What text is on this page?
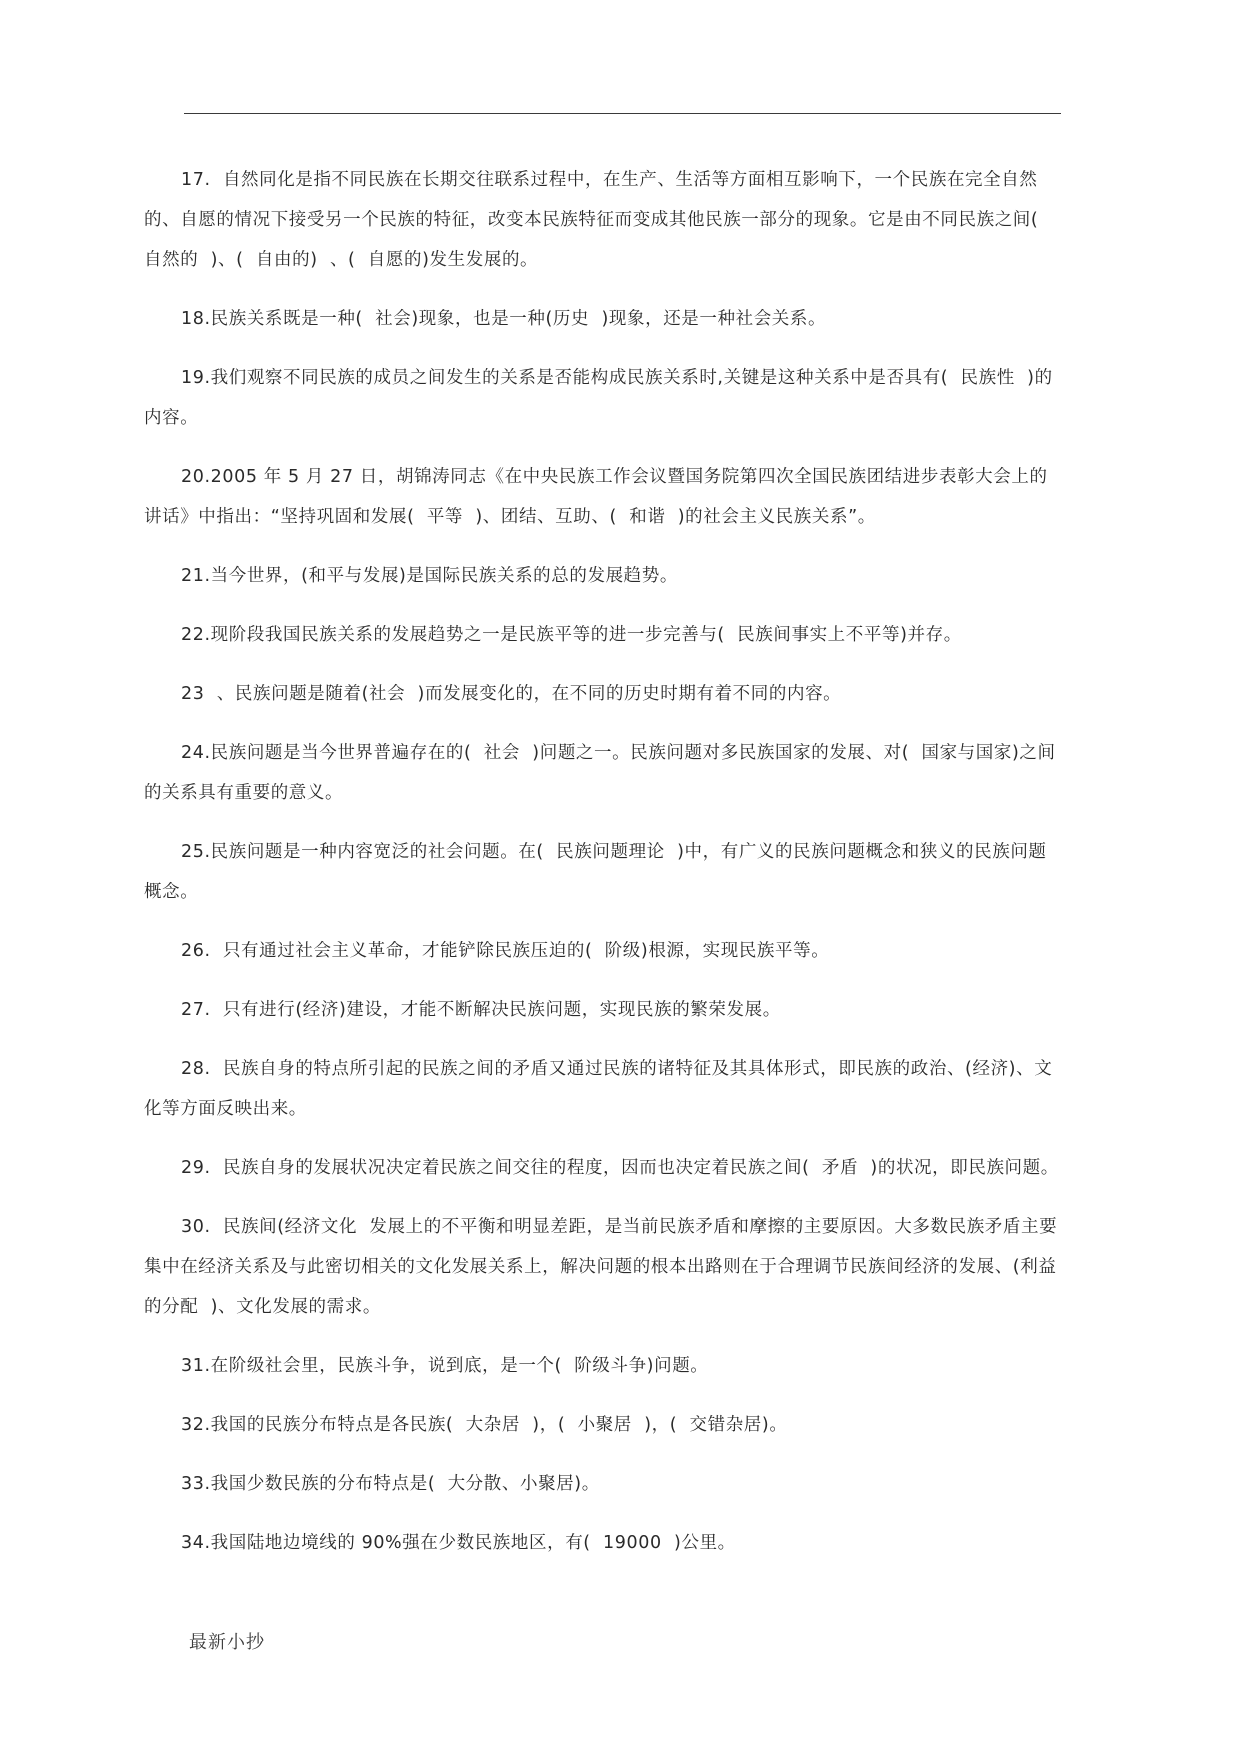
17.  自然同化是指不同民族在长期交往联系过程中，在生产、生活等方面相互影响下，一个民族在完全自然的、自愿的情况下接受另一个民族的特征，改变本民族特征而变成其他民族一部分的现象。它是由不同民族之间(  自然的  )、(  自由的)  、(  自愿的)发生发展的。

18.民族关系既是一种(  社会)现象，也是一种(历史  )现象，还是一种社会关系。

19.我们观察不同民族的成员之间发生的关系是否能构成民族关系时,关键是这种关系中是否具有(  民族性  )的内容。

20.2005 年 5 月 27 日，胡锦涛同志《在中央民族工作会议暨国务院第四次全国民族团结进步表彰大会上的讲话》中指出：“坚持巩固和发展(  平等  )、团结、互助、(  和谐  )的社会主义民族关系”。

21.当今世界，(和平与发展)是国际民族关系的总的发展趋势。

22.现阶段我国民族关系的发展趋势之一是民族平等的进一步完善与(  民族间事实上不平等)并存。

23  、民族问题是随着(社会  )而发展变化的，在不同的历史时期有着不同的内容。

24.民族问题是当今世界普遍存在的(  社会  )问题之一。民族问题对多民族国家的发展、对(  国家与国家)之间的关系具有重要的意义。

25.民族问题是一种内容宽泛的社会问题。在(  民族问题理论  )中，有广义的民族问题概念和狭义的民族问题概念。

26.  只有通过社会主义革命，才能铲除民族压迫的(  阶级)根源，实现民族平等。

27.  只有进行(经济)建设，才能不断解决民族问题，实现民族的繁荣发展。

28.  民族自身的特点所引起的民族之间的矛盾又通过民族的诸特征及其具体形式，即民族的政治、(经济)、文化等方面反映出来。

29.  民族自身的发展状况决定着民族之间交往的程度，因而也决定着民族之间(  矛盾  )的状况，即民族问题。

30.  民族间(经济文化  发展上的不平衡和明显差距，是当前民族矛盾和摩擦的主要原因。大多数民族矛盾主要集中在经济关系及与此密切相关的文化发展关系上，解决问题的根本出路则在于合理调节民族间经济的发展、(利益的分配  )、文化发展的需求。

31.在阶级社会里，民族斗争，说到底，是一个(  阶级斗争)问题。

32.我国的民族分布特点是各民族(  大杂居  )，(  小聚居  )，(  交错杂居)。

33.我国少数民族的分布特点是(  大分散、小聚居)。

34.我国陆地边境线的 90%强在少数民族地区，有(  19000  )公里。

最新小抄
